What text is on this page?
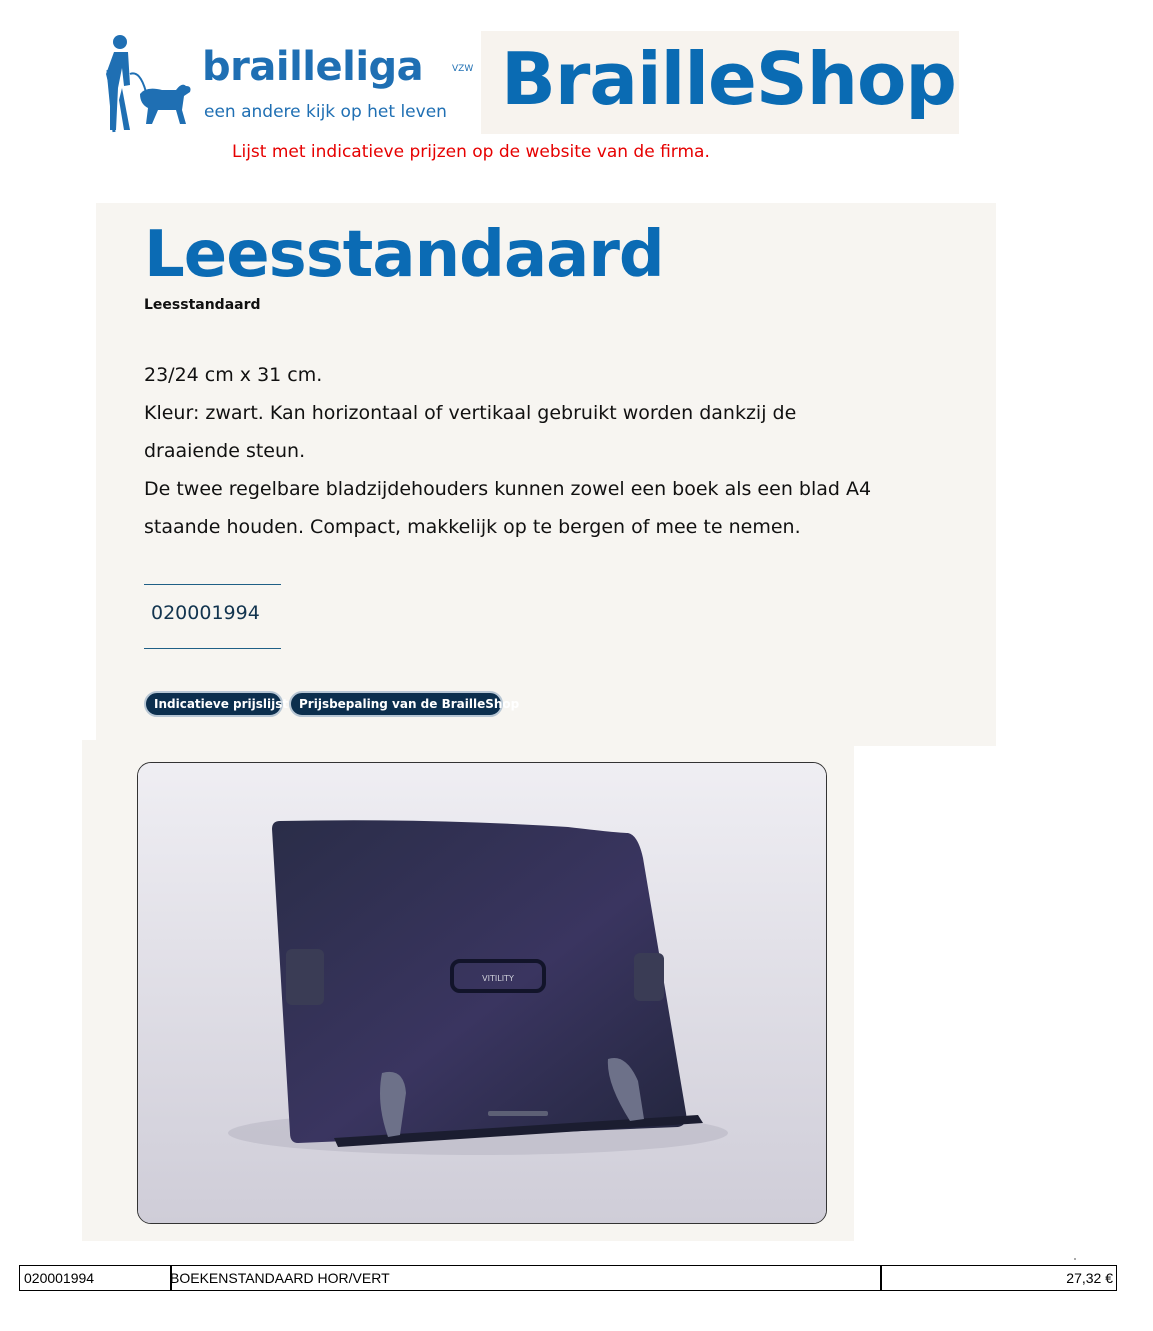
brailleliga	VZW

een andere kijk op het leven BrailleShop

Lijst met indicatieve prijzen op de website van de firma.

Leesstandaard
Leesstandaard
23/24 cm x 31 cm.
Kleur: zwart. Kan horizontaal of vertikaal gebruikt worden dankzij de
draaiende steun.
De twee regelbare bladzijdehouders kunnen zowel een boek als een blad A4
staande houden. Compact, makkelijk op te bergen of mee te nemen.
020001994
Indicatieve prijslijst Prijsbepaling van de BrailleShop
VITILITY
020001994	BOEKENSTANDAARD HOR/VERT	27,32 €
